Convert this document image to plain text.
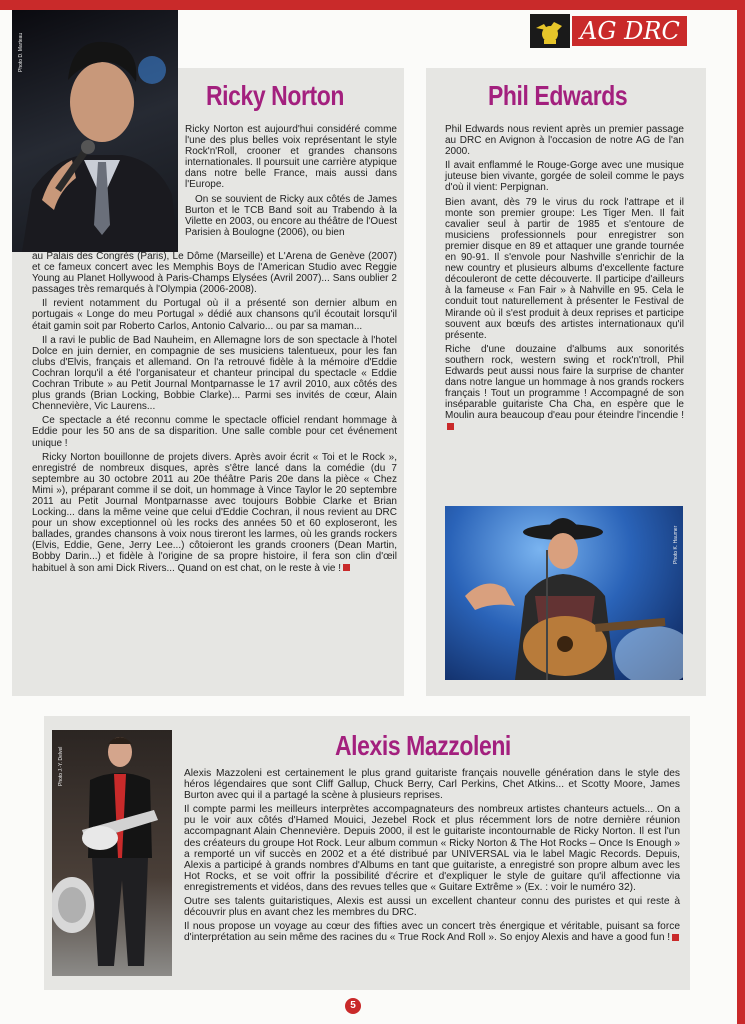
AG DRC
Photo D. Marteau
Photo K. Haumer
Photo J.-Y. Delvel
Ricky Norton

Ricky Norton est aujourd'hui considéré comme l'une des plus belles voix représentant le style Rock'n'Roll, crooner et grandes chansons internationales. Il poursuit une carrière atypique dans notre belle France, mais aussi dans l'Europe.

On se souvient de Ricky aux côtés de James Burton et le TCB Band soit au Trabendo à la Vilette en 2003, ou encore au théâtre de l'Ouest Parisien à Boulogne (2006), ou bien

au Palais des Congrès (Paris), Le Dôme (Marseille) et L'Arena de Genève (2007) et ce fameux concert avec les Memphis Boys de l'American Studio avec Reggie Young au Planet Hollywood à Paris-Champs Elysées (Avril 2007)... Sans oublier 2 passages très remarqués à l'Olympia (2006-2008).

Il revient notamment du Portugal où il a présenté son dernier album en portugais « Longe do meu Portugal » dédié aux chansons qu'il écoutait lorsqu'il était gamin soit par Roberto Carlos, Antonio Calvario... ou par sa maman...

Il a ravi le public de Bad Nauheim, en Allemagne lors de son spectacle à l'hotel Dolce en juin dernier, en compagnie de ses musiciens talentueux, pour les fan clubs d'Elvis, français et allemand. On l'a retrouvé fidèle à la mémoire d'Eddie Cochran lorqu'il a été l'organisateur et chanteur principal du spectacle « Eddie Cochran Tribute » au Petit Journal Montparnasse le 17 avril 2010, aux côtés des plus grands (Brian Locking, Bobbie Clarke)... Parmi ses invités de cœur, Alain Chennevière, Vic Laurens...

Ce spectacle a été reconnu comme le spectacle officiel rendant hommage à Eddie pour les 50 ans de sa disparition. Une salle comble pour cet événement unique !

Ricky Norton bouillonne de projets divers. Après avoir écrit « Toi et le Rock », enregistré de nombreux disques, après s'être lancé dans la comédie (du 7 septembre au 30 octobre 2011 au 20e théâtre Paris 20e dans la pièce « Chez Mimi »), préparant comme il se doit, un hommage à Vince Taylor le 20 septembre 2011 au Petit Journal Montparnasse avec toujours Bobbie Clarke et Brian Locking... dans la même veine que celui d'Eddie Cochran, il nous revient au DRC pour un show exceptionnel où les rocks des années 50 et 60 exploseront, les ballades, grandes chansons à voix nous tireront les larmes, où les grands rockers (Elvis, Eddie, Gene, Jerry Lee...) côtoieront les grands crooners (Dean Martin, Bobby Darin...) et fidèle à l'origine de sa propre histoire, il fera son clin d'œil habituel à son ami Dick Rivers... Quand on est chat, on le reste à vie !

Phil Edwards

Phil Edwards nous revient après un premier passage au DRC en Avignon à l'occasion de notre AG de l'an 2000.

Il avait enflammé le Rouge-Gorge avec une musique juteuse bien vivante, gorgée de soleil comme le pays d'où il vient: Perpignan.

Bien avant, dès 79 le virus du rock l'attrape et il monte son premier groupe: Les Tiger Men. Il fait cavalier seul à partir de 1985 et s'entoure de musiciens professionnels pour enregistrer son premier disque en 89 et attaquer une grande tournée en 90-91. Il s'envole pour Nashville s'enrichir de la new country et plusieurs albums d'excellente facture découleront de cette découverte. Il participe d'ailleurs à la fameuse « Fan Fair » à Nahville en 95. Cela le conduit tout naturellement à présenter le Festival de Mirande où il s'est produit à deux reprises et participe souvent aux bœufs des artistes internationaux qu'il présente.

Riche d'une douzaine d'albums aux sonorités southern rock, western swing et rock'n'troll, Phil Edwards peut aussi nous faire la surprise de chanter dans notre langue un hommage à nos grands rockers français ! Tout un programme ! Accompagné de son inséparable guitariste Cha Cha, en espère que le Moulin aura beaucoup d'eau pour éteindre l'incendie !

Alexis Mazzoleni

Alexis Mazzoleni est certainement le plus grand guitariste français nouvelle génération dans le style des héros légendaires que sont Cliff Gallup, Chuck Berry, Carl Perkins, Chet Atkins... et Scotty Moore, James Burton avec qui il a partagé la scène à plusieurs reprises.

Il compte parmi les meilleurs interprètes accompagnateurs des nombreux artistes chanteurs actuels... On a pu le voir aux côtés d'Hamed Mouici, Jezebel Rock et plus récemment lors de notre dernière réunion accompagnant Alain Chennevière. Depuis 2000, il est le guitariste incontournable de Ricky Norton. Il est l'un des créateurs du groupe Hot Rock. Leur album commun « Ricky Norton & The Hot Rocks – Once Is Enough » a remporté un vif succès en 2002 et a été distribué par UNIVERSAL via le label Magic Records. Depuis, Alexis a participé à grands nombres d'Albums en tant que guitariste, a enregistré son propre album avec les Hot Rocks, et se voit offrir la possibilité d'écrire et d'expliquer le style de guitare qu'il affectionne via enregistrements et vidéos, dans des revues telles que « Guitare Extrême » (Ex. : voir le numéro 32).

Outre ses talents guitaristiques, Alexis est aussi un excellent chanteur connu des puristes et qui reste à découvrir plus en avant chez les membres du DRC.

Il nous propose un voyage au cœur des fifties avec un concert très énergique et véritable, puisant sa force d'interprétation au sein même des racines du « True Rock And Roll ». So enjoy Alexis and have a good fun !

5
